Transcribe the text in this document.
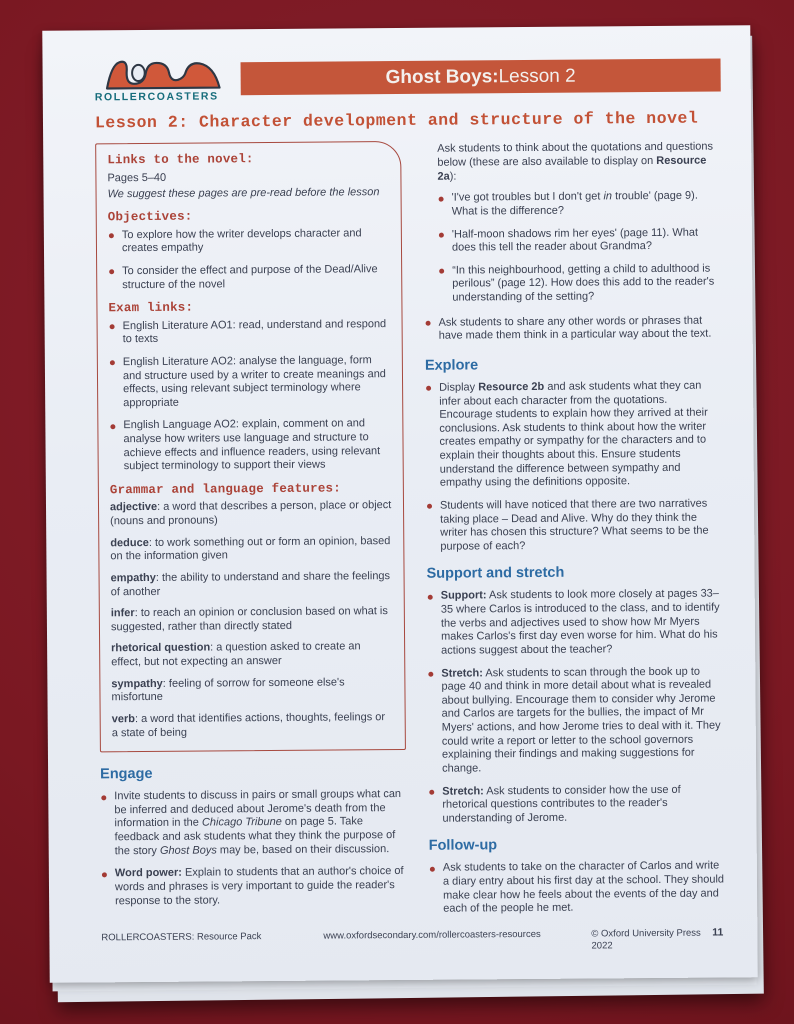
ROLLERCOASTERS
Ghost Boys: Lesson 2
Lesson 2: Character development and structure of the novel
Links to the novel:
Pages 5–40
We suggest these pages are pre-read before the lesson
Objectives:
To explore how the writer develops character and creates empathy
To consider the effect and purpose of the Dead/Alive structure of the novel
Exam links:
English Literature AO1: read, understand and respond to texts
English Literature AO2: analyse the language, form and structure used by a writer to create meanings and effects, using relevant subject terminology where appropriate
English Language AO2: explain, comment on and analyse how writers use language and structure to achieve effects and influence readers, using relevant subject terminology to support their views
Grammar and language features:
adjective: a word that describes a person, place or object (nouns and pronouns)
deduce: to work something out or form an opinion, based on the information given
empathy: the ability to understand and share the feelings of another
infer: to reach an opinion or conclusion based on what is suggested, rather than directly stated
rhetorical question: a question asked to create an effect, but not expecting an answer
sympathy: feeling of sorrow for someone else's misfortune
verb: a word that identifies actions, thoughts, feelings or a state of being
Engage
Invite students to discuss in pairs or small groups what can be inferred and deduced about Jerome's death from the information in the Chicago Tribune on page 5. Take feedback and ask students what they think the purpose of the story Ghost Boys may be, based on their discussion.
Word power: Explain to students that an author's choice of words and phrases is very important to guide the reader's response to the story.
Ask students to think about the quotations and questions below (these are also available to display on Resource 2a):
'I've got troubles but I don't get in trouble' (page 9). What is the difference?
'Half-moon shadows rim her eyes' (page 11). What does this tell the reader about Grandma?
“In this neighbourhood, getting a child to adulthood is perilous” (page 12). How does this add to the reader's understanding of the setting?
Ask students to share any other words or phrases that have made them think in a particular way about the text.
Explore
Display Resource 2b and ask students what they can infer about each character from the quotations. Encourage students to explain how they arrived at their conclusions. Ask students to think about how the writer creates empathy or sympathy for the characters and to explain their thoughts about this. Ensure students understand the difference between sympathy and empathy using the definitions opposite.
Students will have noticed that there are two narratives taking place – Dead and Alive. Why do they think the writer has chosen this structure? What seems to be the purpose of each?
Support and stretch
Support: Ask students to look more closely at pages 33–35 where Carlos is introduced to the class, and to identify the verbs and adjectives used to show how Mr Myers makes Carlos's first day even worse for him. What do his actions suggest about the teacher?
Stretch: Ask students to scan through the book up to page 40 and think in more detail about what is revealed about bullying. Encourage them to consider why Jerome and Carlos are targets for the bullies, the impact of Mr Myers' actions, and how Jerome tries to deal with it. They could write a report or letter to the school governors explaining their findings and making suggestions for change.
Stretch: Ask students to consider how the use of rhetorical questions contributes to the reader's understanding of Jerome.
Follow-up
Ask students to take on the character of Carlos and write a diary entry about his first day at the school. They should make clear how he feels about the events of the day and each of the people he met.
ROLLERCOASTERS: Resource Pack	www.oxfordsecondary.com/rollercoasters-resources	© Oxford University Press 2022
11
